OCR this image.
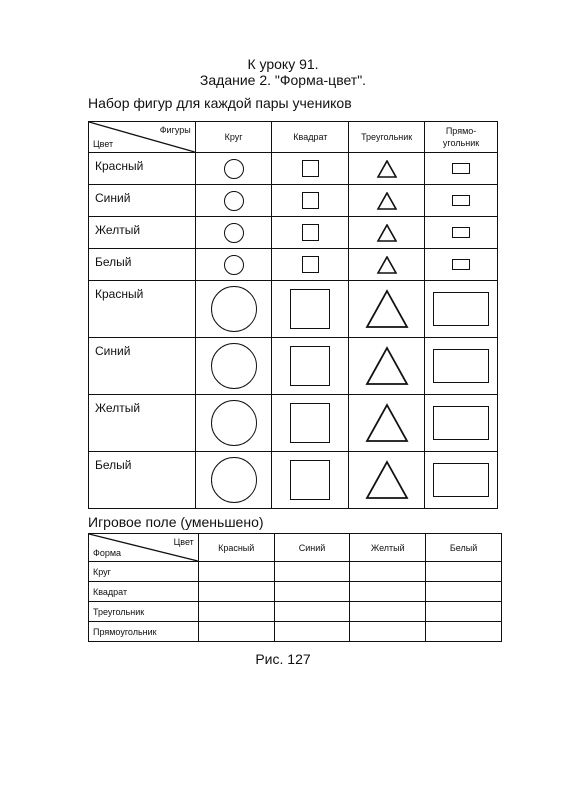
К уроку 91.
Задание 2. "Форма-цвет".
Набор фигур для каждой пары учеников
Фигуры
Цвет	Круг	Квадрат	Треугольник	Прямо-
угольник
Красный	

Синий	

Желтый	

Белый	

Красный	

Синий	

Желтый	

Белый	

Игровое поле (уменьшено)
Цвет
Форма	Красный	Синий	Желтый	Белый
Круг				
Квадрат				
Треугольник				
Прямоугольник				
Рис. 127
